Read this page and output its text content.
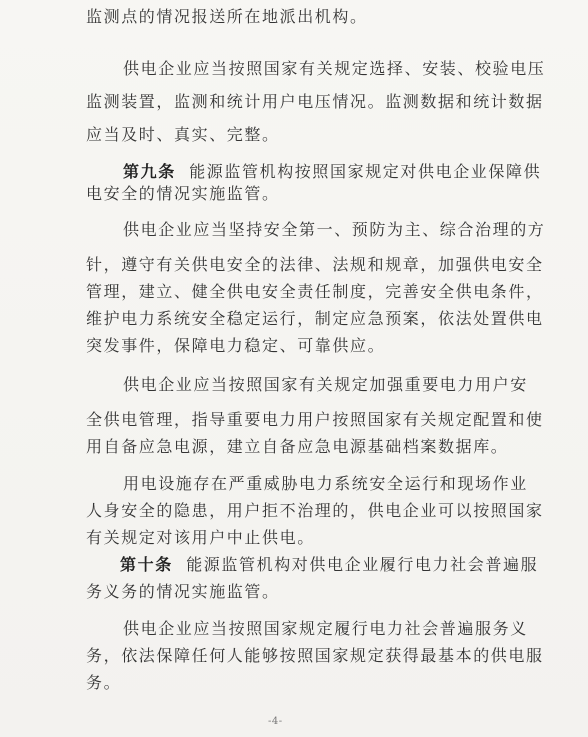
监测点的情况报送所在地派出机构。
供电企业应当按照国家有关规定选择、安装、校验电压
监测装置，监测和统计用户电压情况。监测数据和统计数据
应当及时、真实、完整。
第九条 能源监管机构按照国家规定对供电企业保障供
电安全的情况实施监管。
供电企业应当坚持安全第一、预防为主、综合治理的方
针，遵守有关供电安全的法律、法规和规章，加强供电安全
管理，建立、健全供电安全责任制度，完善安全供电条件，
维护电力系统安全稳定运行，制定应急预案，依法处置供电
突发事件，保障电力稳定、可靠供应。
供电企业应当按照国家有关规定加强重要电力用户安
全供电管理，指导重要电力用户按照国家有关规定配置和使
用自备应急电源，建立自备应急电源基础档案数据库。
用电设施存在严重威胁电力系统安全运行和现场作业
人身安全的隐患，用户拒不治理的，供电企业可以按照国家
有关规定对该用户中止供电。
第十条 能源监管机构对供电企业履行电力社会普遍服
务义务的情况实施监管。
供电企业应当按照国家规定履行电力社会普遍服务义
务，依法保障任何人能够按照国家规定获得最基本的供电服
务。
-4-
